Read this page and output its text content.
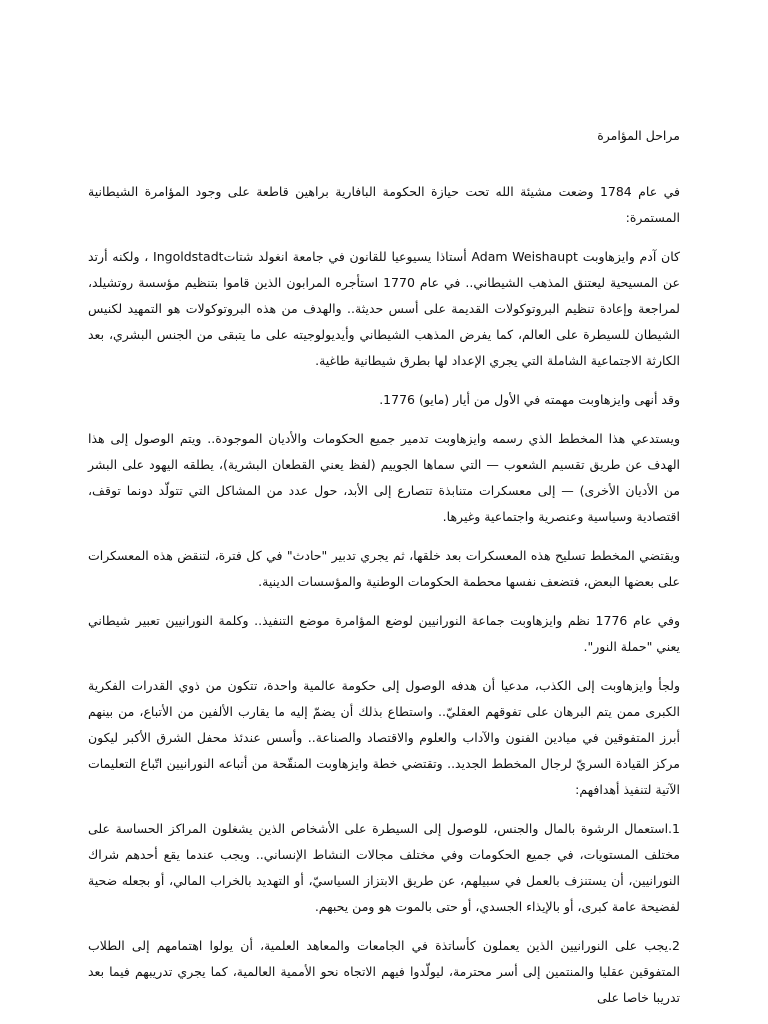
مراحل المؤامرة

في عام 1784 وضعت مشيئة الله تحت حيازة الحكومة البافارية براهين قاطعة على وجود المؤامرة الشيطانية المستمرة:

كان آدم وايزهاوبت Adam Weishaupt أستاذا يسيوعيا للقانون في جامعة انغولد شتاتIngoldstadt ، ولكنه أرتد عن المسيحية ليعتنق المذهب الشيطاني.. في عام 1770 استأجره المرابون الذين قاموا بتنظيم مؤسسة روتشيلد، لمراجعة وإعادة تنظيم البروتوكولات القديمة على أسس حديثة.. والهدف من هذه البروتوكولات هو التمهيد لكنيس الشيطان للسيطرة على العالم، كما يفرض المذهب الشيطاني وأيديولوجيته على ما يتبقى من الجنس البشري، بعد الكارثة الاجتماعية الشاملة التي يجري الإعداد لها بطرق شيطانية طاغية.

وقد أنهى وايزهاوبت مهمته في الأول من أيار (مايو) 1776.

ويستدعي هذا المخطط الذي رسمه وايزهاوبت تدمير جميع الحكومات والأديان الموجودة.. ويتم الوصول إلى هذا الهدف عن طريق تقسيم الشعوب — التي سماها الجوييم (لفظ يعني القطعان البشرية)، يطلقه اليهود على البشر من الأديان الأخرى) — إلى معسكرات متنابذة تتصارع إلى الأبد، حول عدد من المشاكل التي تتولّد دونما توقف، اقتصادية وسياسية وعنصرية واجتماعية وغيرها.

ويقتضي المخطط تسليح هذه المعسكرات بعد خلقها، ثم يجري تدبير "حادث" في كل فترة، لتنقض هذه المعسكرات على بعضها البعض، فتضعف نفسها محطمة الحكومات الوطنية والمؤسسات الدينية.

وفي عام 1776 نظم وايزهاوبت جماعة النورانيين لوضع المؤامرة موضع التنفيذ.. وكلمة النورانيين تعبير شيطاني يعني "حملة النور".

ولجأ وايزهاوبت إلى الكذب، مدعيا أن هدفه الوصول إلى حكومة عالمية واحدة، تتكون من ذوي القدرات الفكرية الكبرى ممن يتم البرهان على تفوقهم العقليّ.. واستطاع بذلك أن يضمّ إليه ما يقارب الألفين من الأتباع، من بينهم أبرز المتفوقين في ميادين الفنون والآداب والعلوم والاقتصاد والصناعة.. وأسس عندئذ محفل الشرق الأكبر ليكون مركز القيادة السريّ لرجال المخطط الجديد.. وتقتضي خطة وايزهاوبت المنقّحة من أتباعه النورانيين اتّباع التعليمات الآتية لتنفيذ أهدافهم:

1.استعمال الرشوة بالمال والجنس، للوصول إلى السيطرة على الأشخاص الذين يشغلون المراكز الحساسة على مختلف المستويات، في جميع الحكومات وفي مختلف مجالات النشاط الإنساني.. ويجب عندما يقع أحدهم شراك النورانيين، أن يستنزف بالعمل في سبيلهم، عن طريق الابتزاز السياسيّ، أو التهديد بالخراب المالي، أو بجعله ضحية لفضيحة عامة كبرى، أو بالإيذاء الجسدي، أو حتى بالموت هو ومن يحبهم.

2.يجب على النورانيين الذين يعملون كأساتذة في الجامعات والمعاهد العلمية، أن يولوا اهتمامهم إلى الطلاب المتفوقين عقليا والمنتمين إلى أسر محترمة، ليولّدوا فيهم الاتجاه نحو الأممية العالمية، كما يجري تدريبهم فيما بعد تدريبا خاصا على
